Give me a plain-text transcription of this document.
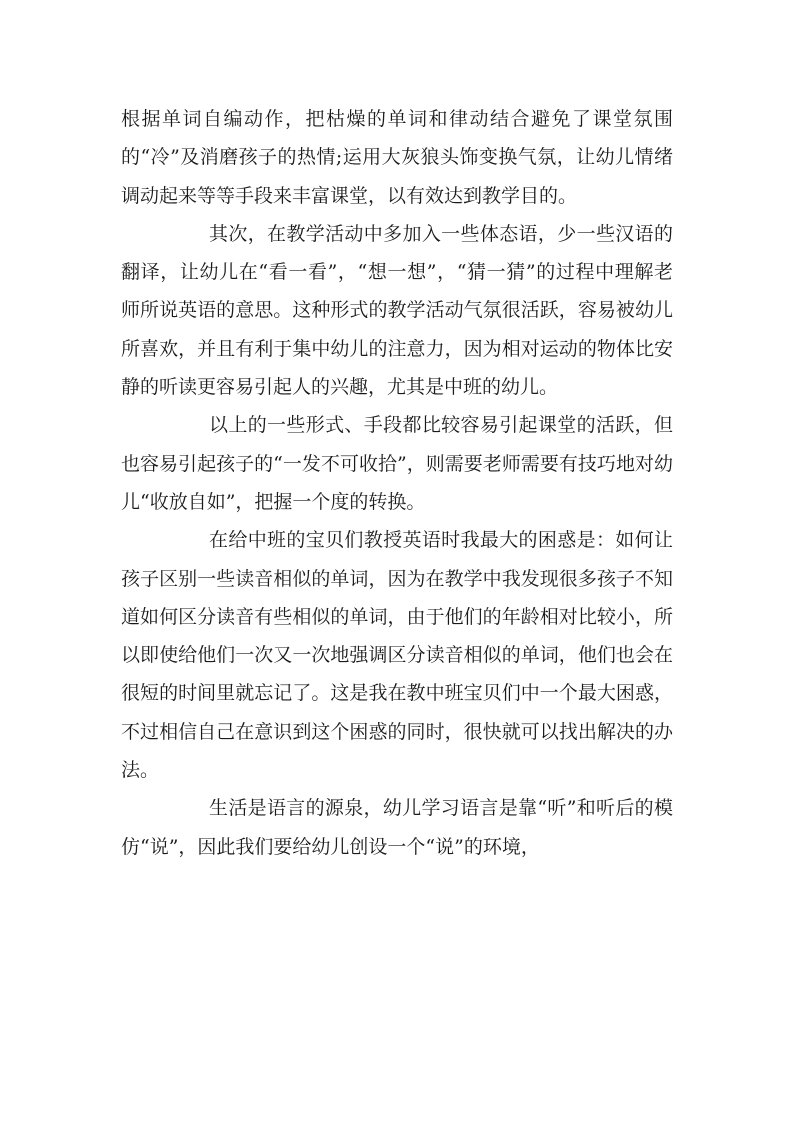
根据单词自编动作，把枯燥的单词和律动结合避免了课堂氛围的“冷”及消磨孩子的热情;运用大灰狼头饰变换气氛，让幼儿情绪调动起来等等手段来丰富课堂，以有效达到教学目的。

其次，在教学活动中多加入一些体态语，少一些汉语的翻译，让幼儿在“看一看”，“想一想”，“猜一猜”的过程中理解老师所说英语的意思。这种形式的教学活动气氛很活跃，容易被幼儿所喜欢，并且有利于集中幼儿的注意力，因为相对运动的物体比安静的听读更容易引起人的兴趣，尤其是中班的幼儿。

以上的一些形式、手段都比较容易引起课堂的活跃，但也容易引起孩子的“一发不可收拾”，则需要老师需要有技巧地对幼儿“收放自如”，把握一个度的转换。

在给中班的宝贝们教授英语时我最大的困惑是：如何让孩子区别一些读音相似的单词，因为在教学中我发现很多孩子不知道如何区分读音有些相似的单词，由于他们的年龄相对比较小，所以即使给他们一次又一次地强调区分读音相似的单词，他们也会在很短的时间里就忘记了。这是我在教中班宝贝们中一个最大困惑，不过相信自己在意识到这个困惑的同时，很快就可以找出解决的办法。

生活是语言的源泉，幼儿学习语言是靠“听”和听后的模仿“说”，因此我们要给幼儿创设一个“说”的环境，
